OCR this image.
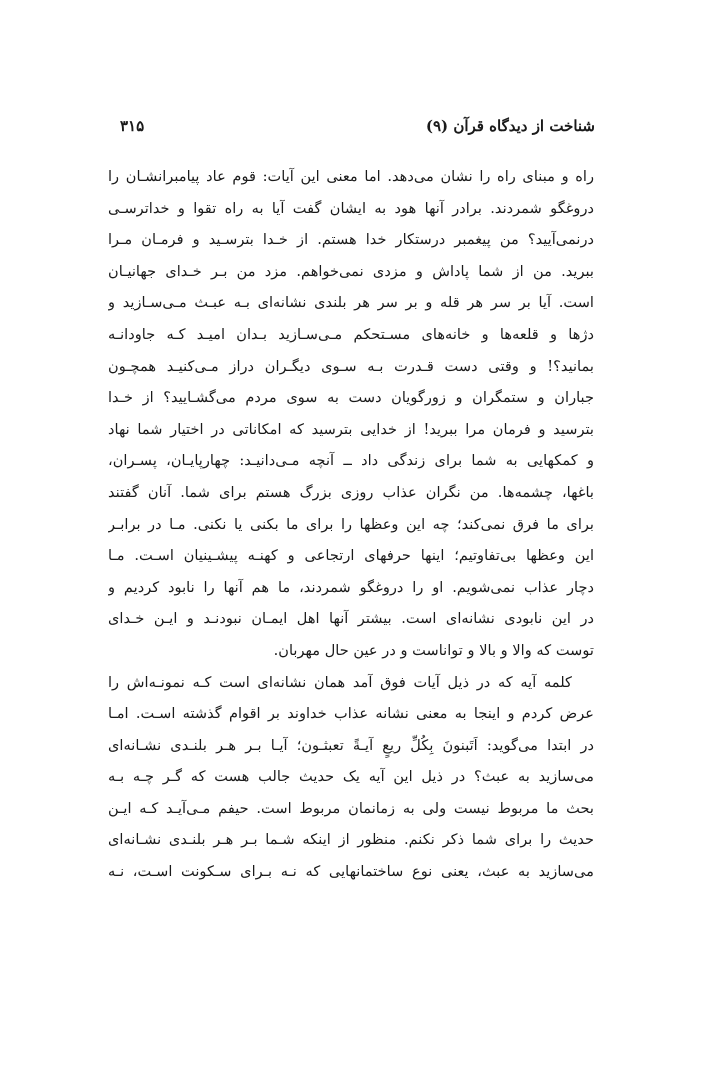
شناخت از دیدگاه قرآن (۹)
۳۱۵
راه و مبنای راه را نشان می‌دهد. اما معنی این آیات: قوم عاد پیامبرانشـان را
دروغگو شمردند. برادر آنها هود به ایشان گفت آیا به راه تقوا و خداترسـی
درنمی‌آیید؟ من پیغمبر درستکار خدا هستم. از خـدا بترسـید و فرمـان مـرا
ببرید. من از شما پاداش و مزدی نمی‌خواهم. مزد من بـر خـدای جهانیـان
است. آیا بر سر هر قله و بر سر هر بلندی نشانه‌ای بـه عبـث مـی‌سـازید و
دژها و قلعه‌ها و خانه‌های مسـتحکم مـی‌سـازید بـدان امیـد کـه جاودانـه
بمانید؟! و وقتی دست قـدرت بـه سـوی دیگـران دراز مـی‌کنیـد همچـون
جباران و ستمگران و زورگویان دست به سوی مردم می‌گشـایید؟ از خـدا
بترسید و فرمان مرا ببرید! از خدایی بترسید که امکاناتی در اختیار شما نهاد
و کمکهایی به شما برای زندگی داد ــ آنچه مـی‌دانیـد: چهارپایـان، پسـران،
باغها، چشمه‌ها. من نگران عذاب روزی بزرگ هستم برای شما. آنان گفتند
برای ما فرق نمی‌کند؛ چه این وعظها را برای ما بکنی یا نکنی. مـا در برابـر
این وعظها بی‌تفاوتیم؛ اینها حرفهای ارتجاعی و کهنـه پیشـینیان اسـت. مـا
دچار عذاب نمی‌شویم. او را دروغگو شمردند، ما هم آنها را نابود کردیم و
در این نابودی نشانه‌ای است. بیشتر آنها اهل ایمـان نبودنـد و ایـن خـدای
توست که والا و بالا و تواناست و در عین حال مهربان.
کلمه آیه که در ذیل آیات فوق آمد همان نشانه‌ای است کـه نمونـه‌اش را
عرض کردم و اینجا به معنی نشانه عذاب خداوند بر اقوام گذشته اسـت. امـا
در ابتدا می‌گوید: اَتَبنونَ بِکُلِّ ریعٍ آیـةً تعبثـون؛ آیـا بـر هـر بلنـدی نشـانه‌ای
می‌سازید به عبث؟ در ذیل این آیه یک حدیث جالب هست که گـر چـه بـه
بحث ما مربوط نیست ولی به زمانمان مربوط است. حیفم مـی‌آیـد کـه ایـن
حدیث را برای شما ذکر نکنم. منظور از اینکه شـما بـر هـر بلنـدی نشـانه‌ای
می‌سازید به عبث، یعنی نوع ساختمانهایی که نـه بـرای سـکونت اسـت، نـه
